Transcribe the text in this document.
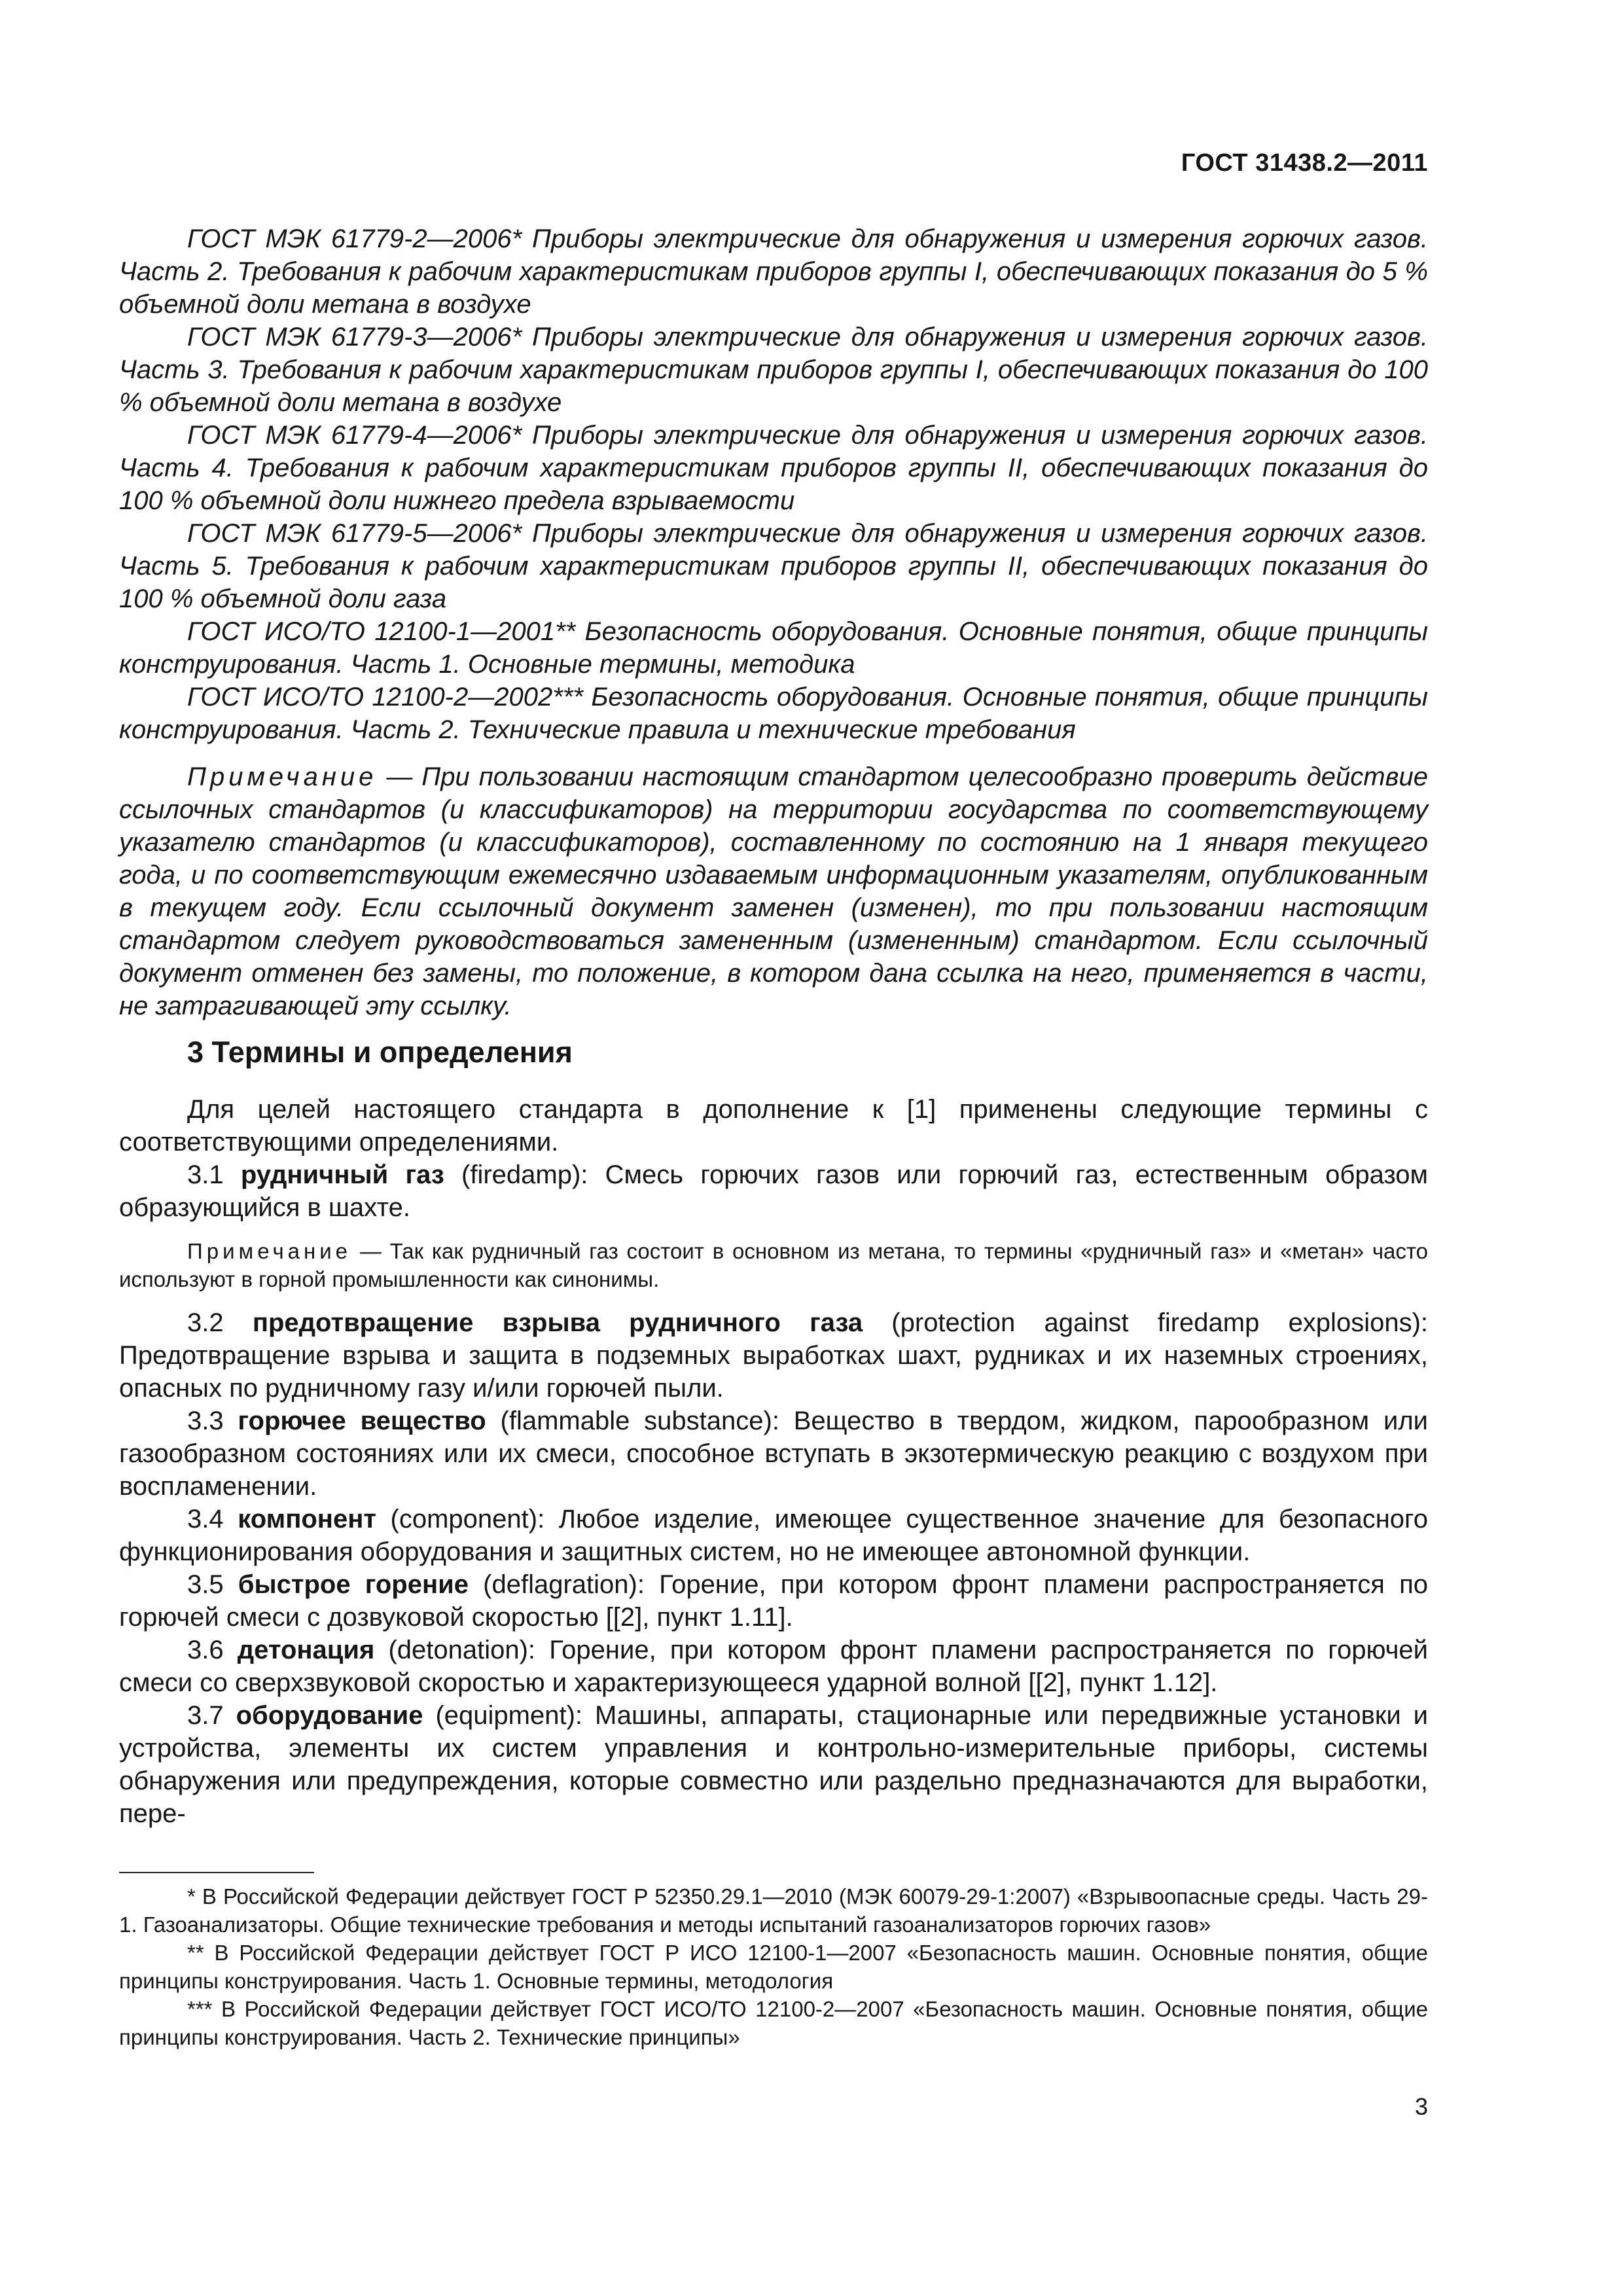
ГОСТ 31438.2—2011

ГОСТ МЭК 61779-2—2006* Приборы электрические для обнаружения и измерения горючих газов. Часть 2. Требования к рабочим характеристикам приборов группы I, обеспечивающих показания до 5 % объемной доли метана в воздухе

ГОСТ МЭК 61779-3—2006* Приборы электрические для обнаружения и измерения горючих газов. Часть 3. Требования к рабочим характеристикам приборов группы I, обеспечивающих показания до 100 % объемной доли метана в воздухе

ГОСТ МЭК 61779-4—2006* Приборы электрические для обнаружения и измерения горючих газов. Часть 4. Требования к рабочим характеристикам приборов группы II, обеспечивающих показания до 100 % объемной доли нижнего предела взрываемости

ГОСТ МЭК 61779-5—2006* Приборы электрические для обнаружения и измерения горючих газов. Часть 5. Требования к рабочим характеристикам приборов группы II, обеспечивающих показания до 100 % объемной доли газа

ГОСТ ИСО/ТО 12100-1—2001** Безопасность оборудования. Основные понятия, общие принципы конструирования. Часть 1. Основные термины, методика

ГОСТ ИСО/ТО 12100-2—2002*** Безопасность оборудования. Основные понятия, общие принципы конструирования. Часть 2. Технические правила и технические требования

Примечание — При пользовании настоящим стандартом целесообразно проверить действие ссылочных стандартов (и классификаторов) на территории государства по соответствующему указателю стандартов (и классификаторов), составленному по состоянию на 1 января текущего года, и по соответствующим ежемесячно издаваемым информационным указателям, опубликованным в текущем году. Если ссылочный документ заменен (изменен), то при пользовании настоящим стандартом следует руководствоваться замененным (измененным) стандартом. Если ссылочный документ отменен без замены, то положение, в котором дана ссылка на него, применяется в части, не затрагивающей эту ссылку.

3 Термины и определения

Для целей настоящего стандарта в дополнение к [1] применены следующие термины с соответствующими определениями.

3.1 рудничный газ (firedamp): Смесь горючих газов или горючий газ, естественным образом образующийся в шахте.

Примечание — Так как рудничный газ состоит в основном из метана, то термины «рудничный газ» и «метан» часто используют в горной промышленности как синонимы.

3.2 предотвращение взрыва рудничного газа (protection against firedamp explosions): Предотвращение взрыва и защита в подземных выработках шахт, рудниках и их наземных строениях, опасных по рудничному газу и/или горючей пыли.

3.3 горючее вещество (flammable substance): Вещество в твердом, жидком, парообразном или газообразном состояниях или их смеси, способное вступать в экзотермическую реакцию с воздухом при воспламенении.

3.4 компонент (component): Любое изделие, имеющее существенное значение для безопасного функционирования оборудования и защитных систем, но не имеющее автономной функции.

3.5 быстрое горение (deflagration): Горение, при котором фронт пламени распространяется по горючей смеси с дозвуковой скоростью [[2], пункт 1.11].

3.6 детонация (detonation): Горение, при котором фронт пламени распространяется по горючей смеси со сверхзвуковой скоростью и характеризующееся ударной волной [[2], пункт 1.12].

3.7 оборудование (equipment): Машины, аппараты, стационарные или передвижные установки и устройства, элементы их систем управления и контрольно-измерительные приборы, системы обнаружения или предупреждения, которые совместно или раздельно предназначаются для выработки, пере-

* В Российской Федерации действует ГОСТ Р 52350.29.1—2010 (МЭК 60079-29-1:2007) «Взрывоопасные среды. Часть 29-1. Газоанализаторы. Общие технические требования и методы испытаний газоанализаторов горючих газов»

** В Российской Федерации действует ГОСТ Р ИСО 12100-1—2007 «Безопасность машин. Основные понятия, общие принципы конструирования. Часть 1. Основные термины, методология

*** В Российской Федерации действует ГОСТ ИСО/ТО 12100-2—2007 «Безопасность машин. Основные понятия, общие принципы конструирования. Часть 2. Технические принципы»

3
